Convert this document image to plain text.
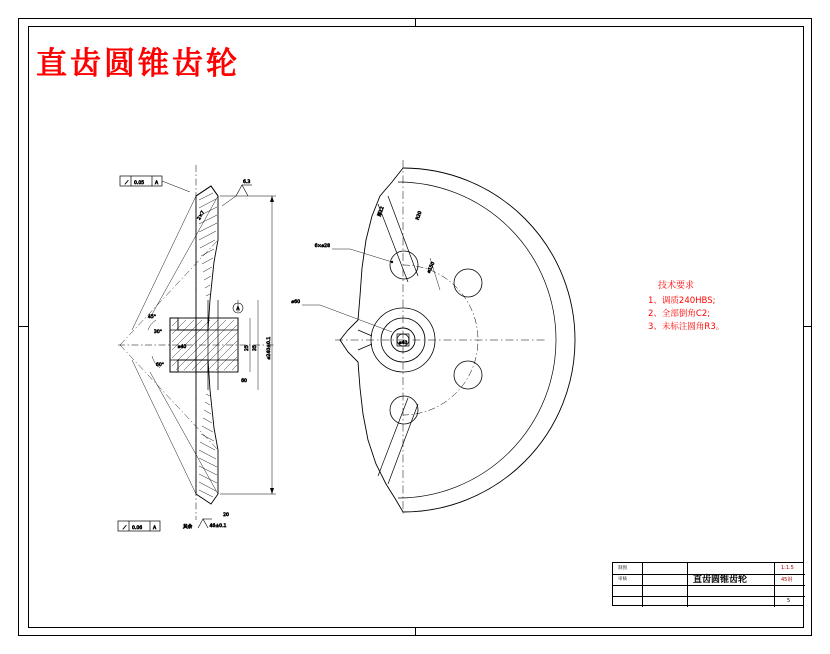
直齿圆锥齿轮
技术要求
1、调质240HBS;
2、全部倒角C2;
3、未标注圆角R3。
A
⟋ 0.05 A
⟋ 0.06 A
6.3
其余
⌀240±0.1
25 35
60
20
46±0.1
45°
30°
60°
⌀40
2×7
6×⌀28
⌀60
⌀150
厚12	R20
⌀40
制图
审核	直齿圆锥齿轮
1:1.5
45钢
5
